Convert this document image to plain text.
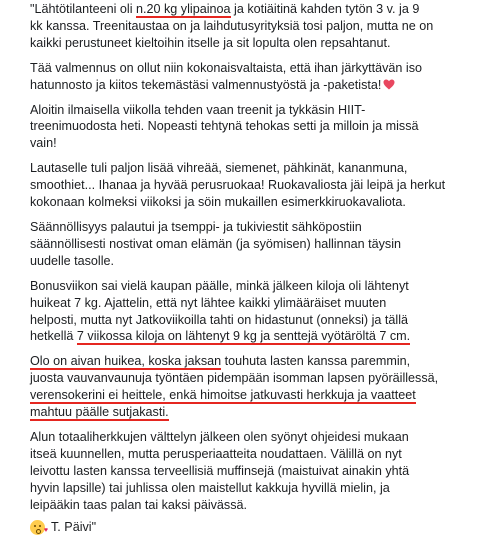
"Lähtötilanteeni oli n.20 kg ylipainoa ja kotiäitinä kahden tytön 3 v. ja 9
kk kanssa. Treenitaustaa on ja laihdutusyrityksiä tosi paljon, mutta ne on
kaikki perustuneet kieltoihin itselle ja sit lopulta olen repsahtanut.
Tää valmennus on ollut niin kokonaisvaltaista, että ihan järkyttävän iso
hatunnosto ja kiitos tekemästäsi valmennustyöstä ja -paketista!
Aloitin ilmaisella viikolla tehden vaan treenit ja tykkäsin HIIT-
treenimuodosta heti. Nopeasti tehtynä tehokas setti ja milloin ja missä
vain!
Lautaselle tuli paljon lisää vihreää, siemenet, pähkinät, kananmuna,
smoothiet... Ihanaa ja hyvää perusruokaa! Ruokavaliosta jäi leipä ja herkut
kokonaan kolmeksi viikoksi ja söin mukaillen esimerkkiruokavaliota.
Säännöllisyys palautui ja tsemppi- ja tukiviestit sähköpostiin
säännöllisesti nostivat oman elämän (ja syömisen) hallinnan täysin
uudelle tasolle.
Bonusviikon sai vielä kaupan päälle, minkä jälkeen kiloja oli lähtenyt
huikeat 7 kg. Ajattelin, että nyt lähtee kaikki ylimääräiset muuten
helposti, mutta nyt Jatkoviikoilla tahti on hidastunut (onneksi) ja tällä
hetkellä 7 viikossa kiloja on lähtenyt 9 kg ja senttejä vyötäröltä 7 cm.
Olo on aivan huikea, koska jaksan touhuta lasten kanssa paremmin,
juosta vauvanvaunuja työntäen pidempään isomman lapsen pyöräillessä,
verensokerini ei heittele, enkä himoitse jatkuvasti herkkuja ja vaatteet
mahtuu päälle sutjakasti.
Alun totaaliherkkujen välttelyn jälkeen olen syönyt ohjeidesi mukaan
itseä kuunnellen, mutta perusperiaatteita noudattaen. Välillä on nyt
leivottu lasten kanssa terveellisiä muffinsejä (maistuivat ainakin yhtä
hyvin lapsille) tai juhlissa olen maistellut kakkuja hyvillä mielin, ja
leipääkin taas palan tai kaksi päivässä.
♥ T. Päivi"
